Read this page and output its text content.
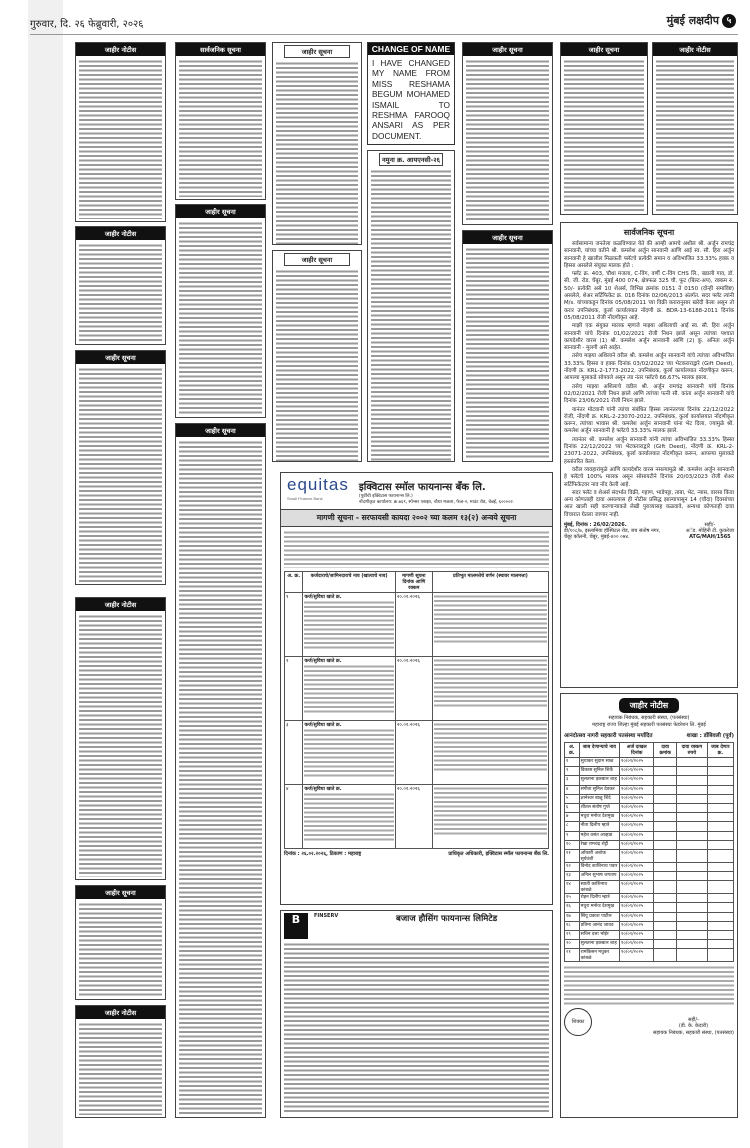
गुरुवार, दि. २६ फेब्रुवारी, २०२६	मुंबई लक्षदीप ५
जाहीर नोटीस
जाहीर नोटीस
जाहीर सूचना
जाहीर नोटीस
जाहीर सूचना
जाहीर नोटीस
सार्वजनिक सूचना
जाहीर सूचना
जाहीर सूचना
जाहीर सूचना
जाहीर सूचना
CHANGE OF NAME

I HAVE CHANGED MY NAME FROM MISS RESHAMA BEGUM MOHAMED ISMAIL TO RESHMA FAROOQ ANSARI AS PER DOCUMENT.

नमुना क्र. आयएनसी-२६
जाहीर सूचना
जाहीर सूचना
जाहीर सूचना	जाहीर नोटीस
सार्वजनिक सूचना

सर्वसामान्य जनतेला कळविण्यात येते की आम्ही आमचे अशील श्री. अर्जुन रामचंद्र सानवानी, यांच्या वतीने श्री. कमलेश अर्जुन सानवानी आणि आई स्व. सौ. हिरा अर्जुन सानवानी हे खालील मिळकती फ्लॅटचे प्रत्येकी समान व अविभाजित 33.33% हक्क व हिस्सा असलेले संयुक्त मालक होते :

फ्लॅट क्र. 403, चौथा मजला, C-विंग, वर्णी C-विंग CHS लि., बडाली गाव, डॉ. सी. जी. रोड, चेंबूर, मुंबई 400 074, क्षेत्रफळ 325 चौ. फूट (बिल्ट-अप), रक्कम रु. 50/- प्रत्येकी असे 10 शेअर्स, विभिन्न क्रमांक 0151 ते 0150 (दोन्ही समाविष्ट) असलेले, शेअर सर्टिफिकेट क्र. 016 दिनांक 02/06/2013 अंतर्गत. सदर फ्लॅट त्यांनी M/s. यांच्याकडून दिनांक 05/08/2011 च्या विक्री करारानुसार खरेदी केला असून तो करार उपनिबंधक, कुर्ला कार्यालयात नोंदणी क्र. BDR-13-6188-2011 दिनांक 05/08/2011 रोजी नोंदणीकृत आहे.

माझी एक संयुक्त मालक म्हणजे माझ्या अशिलाची आई स्व. सौ. हिरा अर्जुन सानवानी यांचे दिनांक 01/02/2021 रोजी निधन झाले असून त्यांच्या पश्चात कायदेशीर वारस (1) श्री. कमलेश अर्जुन सानवानी आणि (2) कु. अनिता अर्जुन सानवानी - मुलगी असे आहेत.

तसेच माझ्या अशिलाने वरील श्री. कमलेश अर्जुन सानवानी यांचे त्यांच्या अविभाजित 33.33% हिस्सा व हक्क दिनांक 03/02/2022 च्या भेटकराराद्वारे (Gift Deed), नोंदणी क्र. KRL-2-1773-2022, उपनिबंधक, कुर्ला कार्यालयात नोंदणीकृत करून, आपल्या मुलाकडे सोपवले असून त्या नंतर फ्लॅटचे 66.67% मालक झाला.

तसेच माझ्या अशिलाचे वडील श्री. अर्जुन रामचंद्र सानवानी यांचे दिनांक 02/02/2021 रोजी निधन झाले आणि त्यांच्या पत्नी सौ. कांता अर्जुन सानवानी यांचे दिनांक 23/06/2021 रोजी निधन झाले.

यानंतर मोटवानी यांनी त्यांचा संबंधित हिस्सा त्यानंतरच्या दिनांक 22/12/2022 रोजी, नोंदणी क्र. KRL-2-23070-2022, उपनिबंधक, कुर्ला कार्यालयात नोंदणीकृत करून, त्यांच्या भावास श्री. कमलेश अर्जुन सानवानी यांना भेट दिला, ज्यामुळे श्री. कमलेश अर्जुन सानवानी हे फ्लॅटचे 33.33% मालक झाले.

त्यानंतर श्री. कमलेश अर्जुन सानवानी यांनी त्यांचा अविभाजित 33.33% हिस्सा दिनांक 22/12/2022 च्या भेटकराराद्वारे (Gift Deed), नोंदणी क्र. KRL-2-23071-2022, उपनिबंधक, कुर्ला कार्यालयात नोंदणीकृत करून, आपल्या मुलाकडे हस्तांतरित केला.

वरील व्यवहारांमुळे आणि कायदेशीर वारस नसल्यामुळे श्री. कमलेश अर्जुन सानवानी हे फ्लॅटचे 100% मालक असून सोसायटीने दिनांक 20/03/2023 रोजी शेअर सर्टिफिकेटवर नाव नोंद केली आहे.

सदर फ्लॅट व शेअर्स संदर्भात विक्री, गहाण, भाडेपट्टा, ताबा, भेट, न्यास, वारसा किंवा अन्य कोणताही दावा असल्यास ही नोटीस प्रसिद्ध झाल्यापासून 14 (चौदा) दिवसांच्या आत खाली सही करणाऱ्याकडे लेखी पुराव्यासह कळवावे, अन्यथा कोणताही दावा विचारात घेतला जाणार नाही.

मुंबई, दिनांक : 26/02/2026.
डी/१०८/७, इस्लामिया हॉस्पिटल रोड, जय संतोष नगर, चेंबूर कॉलनी, चेंबूर, मुंबई-४०० ०७४.
सही/-
अॅड. मोहिनी टी. कुकरेजा
ATG/MAH/1565
equitas
Small Finance Bank
इक्विटास स्मॉल फायनान्स बँक लि.
(पूर्वीची इक्विटास फायनान्स लि.)
नोंदणीकृत कार्यालय: क्र.७६९, स्पेन्सर प्लाझा, चौथा मजला, फेज-२, माउंट रोड, चेन्नई, ६००००२.
मागणी सूचना - सरफायसी कायदा २००२ च्या कलम १३(२) अन्वये सूचना
अ. क्र.	कर्जदाराचे/जामिनदाराचे नाव (खात्याचे नाव)	मागणी सूचना दिनांक आणि रक्कम	प्रतिभूत मालमत्तेचे वर्णन (स्थावर मालमत्ता)
१	कर्ज/सुविधा खाते क्र.	२०.०१.२०२६	

२	कर्ज/सुविधा खाते क्र.	२०.०१.२०२६	

३	कर्ज/सुविधा खाते क्र.	२०.०१.२०२६	

४	कर्ज/सुविधा खाते क्र.	२०.०१.२०२६	
दिनांक : २६.०२.२०२६, ठिकाण : महाराष्ट्र	प्राधिकृत अधिकारी, इक्विटास स्मॉल फायनान्स बँक लि.
B	FINSERV	बजाज हौसिंग फायनान्स लिमिटेड
जाहीर नोटीस
सहायक निबंधक, सहकारी संस्था, (पतसंस्था)
महाराष्ट्र राज्य जिल्हा मुंबई सहकारी पतसंस्था फेडरेशन लि. मुंबई
आनंदोत्सव नागरी सहकारी पतसंस्था मर्यादित	शाखा : डोंबिवली (पूर्व)
अ. क्र.	जाब देणाऱ्याचे नाव	अर्ज दाखल दिनांक	दावा क्रमांक	दावा रक्कम रुपये	जाब देणार क्र.
१	सुधाकर सुदाम साळ	१०/०९/२०२५			
२	विकास सुनिल शिर्के	१०/०९/२०२५			
३	सुलताना इकबाल शाह	१०/०९/२०२५			
४	संगीता सुनिल देवकर	१०/०९/२०२५			
५	ज्ञानेश्वर बाळू शिंदे	१०/०९/२०२५			
६	शीतल संतोष गुप्ते	१०/०९/२०२५			
७	मधुरा मनोज देशमुख	१०/०९/२०२५			
८	नीता दिलीप म्हात्रे	१०/०९/२०२५			
९	महेश वसंत आव्हाड	१०/०९/२०२५			
१०	रेखा रामचंद्र शेट्टी	१०/०९/२०२५			
११	ओंकारी अशोक सूर्यवंशी	१०/०९/२०२५			
१२	विनोद काशिनाथ पवार	१०/०९/२०२५			
१३	अनिल सुभाष जगताप	१०/०९/२०२५			
१४	स्वाती काशिनाथ कांबळे	१०/०९/२०२५			
१५	रोहन दिलीप म्हात्रे	१०/०९/२०२५			
१६	मधुरा मनोज देशमुख	१०/०९/२०२५			
१७	सिंधू प्रकाश पाटील	१०/०९/२०२५			
१८	प्रतिमा आनंद जाधव	१०/०९/२०२५			
१९	सचिन दत्ता भोईर	१०/०९/२०२५			
२०	सुलताना इकबाल शाह	१०/०९/२०२५			
२१	रामकिसन मधुकर कांबळे	१०/०९/२०२५			
शिक्का	सही/-
(डी. के. केदारी)
सहायक निबंधक, सहकारी संस्था, (पतसंस्था)
